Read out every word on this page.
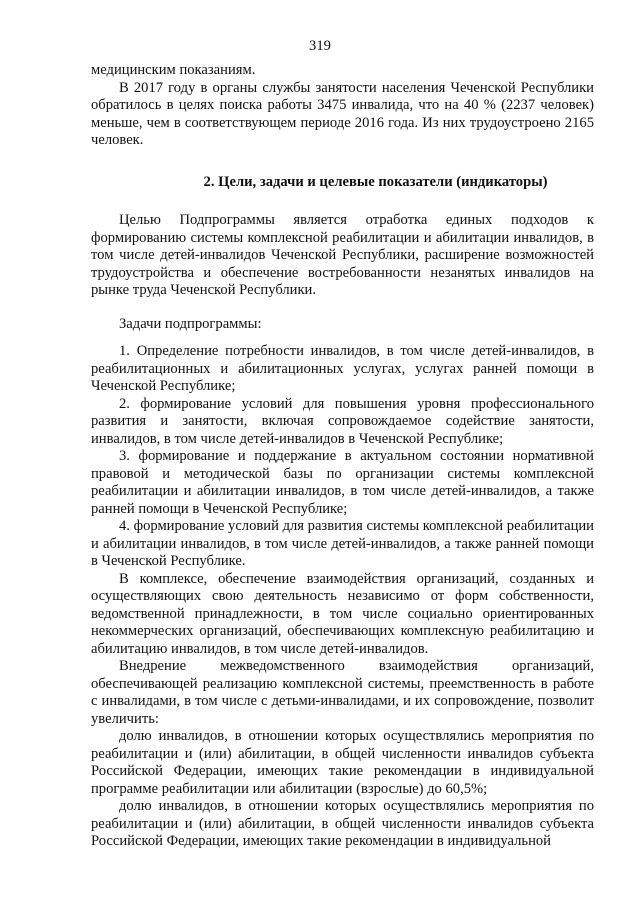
319

медицинским показаниям.

В 2017 году в органы службы занятости населения Чеченской Республики обратилось в целях поиска работы 3475 инвалида, что на 40 % (2237 человек) меньше, чем в соответствующем периоде 2016 года. Из них трудоустроено 2165 человек.

2. Цели, задачи и целевые показатели (индикаторы)

Целью Подпрограммы является отработка единых подходов к формированию системы комплексной реабилитации и абилитации инвалидов, в том числе детей-инвалидов Чеченской Республики, расширение возможностей трудоустройства и обеспечение востребованности незанятых инвалидов на рынке труда Чеченской Республики.

Задачи подпрограммы:

1. Определение потребности инвалидов, в том числе детей-инвалидов, в реабилитационных и абилитационных услугах, услугах ранней помощи в Чеченской Республике;

2. формирование условий для повышения уровня профессионального развития и занятости, включая сопровождаемое содействие занятости, инвалидов, в том числе детей-инвалидов в Чеченской Республике;

3. формирование и поддержание в актуальном состоянии нормативной правовой и методической базы по организации системы комплексной реабилитации и абилитации инвалидов, в том числе детей-инвалидов, а также ранней помощи в Чеченской Республике;

4. формирование условий для развития системы комплексной реабилитации и абилитации инвалидов, в том числе детей-инвалидов, а также ранней помощи в Чеченской Республике.

В комплексе, обеспечение взаимодействия организаций, созданных и осуществляющих свою деятельность независимо от форм собственности, ведомственной принадлежности, в том числе социально ориентированных некоммерческих организаций, обеспечивающих комплексную реабилитацию и абилитацию инвалидов, в том числе детей-инвалидов.

Внедрение межведомственного взаимодействия организаций, обеспечивающей реализацию комплексной системы, преемственность в работе с инвалидами, в том числе с детьми-инвалидами, и их сопровождение, позволит увеличить:

долю инвалидов, в отношении которых осуществлялись мероприятия по реабилитации и (или) абилитации, в общей численности инвалидов субъекта Российской Федерации, имеющих такие рекомендации в индивидуальной программе реабилитации или абилитации (взрослые) до 60,5%;

долю инвалидов, в отношении которых осуществлялись мероприятия по реабилитации и (или) абилитации, в общей численности инвалидов субъекта Российской Федерации, имеющих такие рекомендации в индивидуальной
